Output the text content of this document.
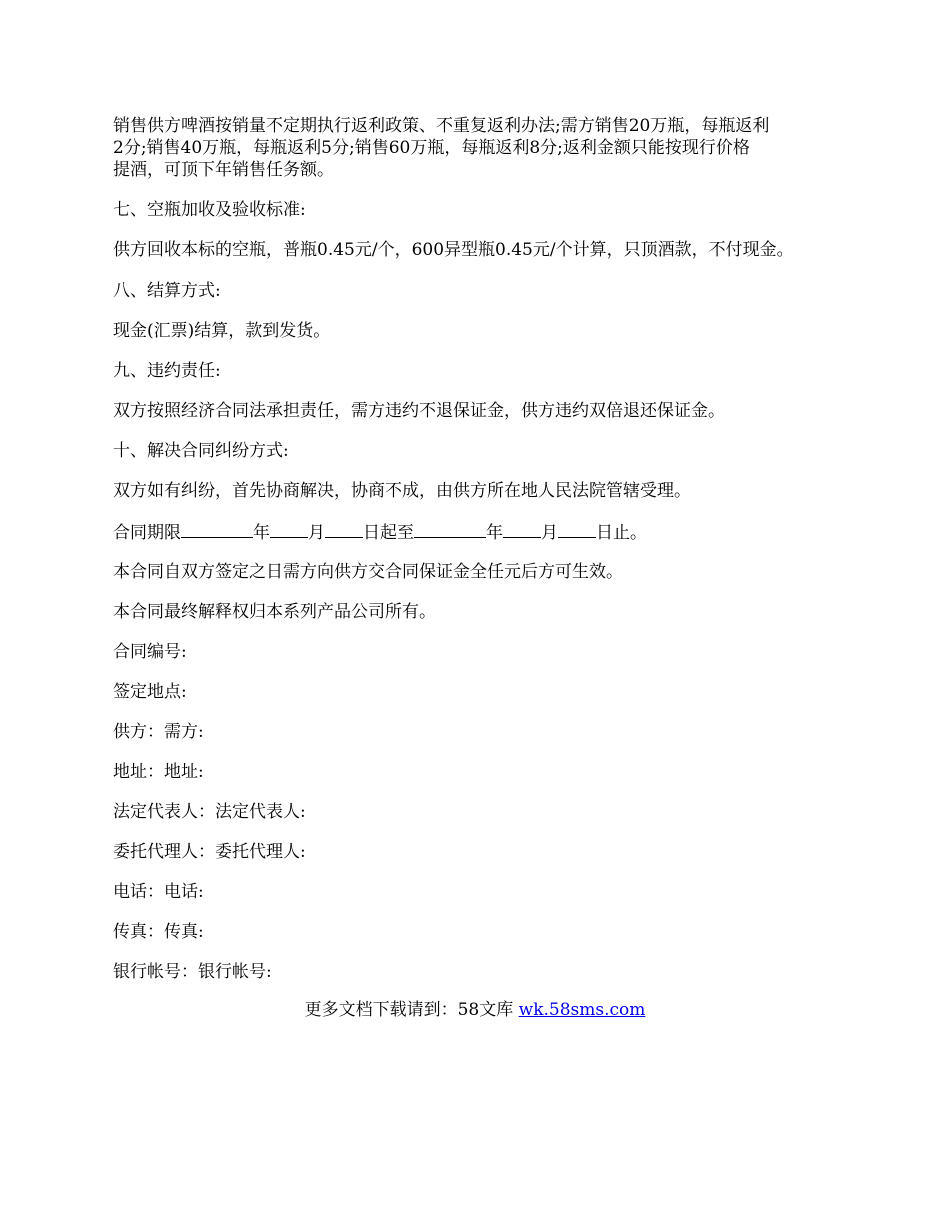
销售供方啤酒按销量不定期执行返利政策、不重复返利办法;需方销售20万瓶，每瓶返利

2分;销售40万瓶，每瓶返利5分;销售60万瓶，每瓶返利8分;返利金额只能按现行价格

提酒，可顶下年销售任务额。

七、空瓶加收及验收标准:

供方回收本标的空瓶，普瓶0.45元/个，600异型瓶0.45元/个计算，只顶酒款，不付现金。

八、结算方式:

现金(汇票)结算，款到发货。

九、违约责任:

双方按照经济合同法承担责任，需方违约不退保证金，供方违约双倍退还保证金。

十、解决合同纠纷方式:

双方如有纠纷，首先协商解决，协商不成，由供方所在地人民法院管辖受理。

合同期限	年 月 日起至	年 月 日止。

本合同自双方签定之日需方向供方交合同保证金全任元后方可生效。

本合同最终解释权归本系列产品公司所有。

合同编号:

签定地点:

供方：需方:

地址：地址:

法定代表人：法定代表人:

委托代理人：委托代理人:

电话：电话:

传真：传真:

银行帐号：银行帐号:

更多文档下载请到：58文库 wk.58sms.com
